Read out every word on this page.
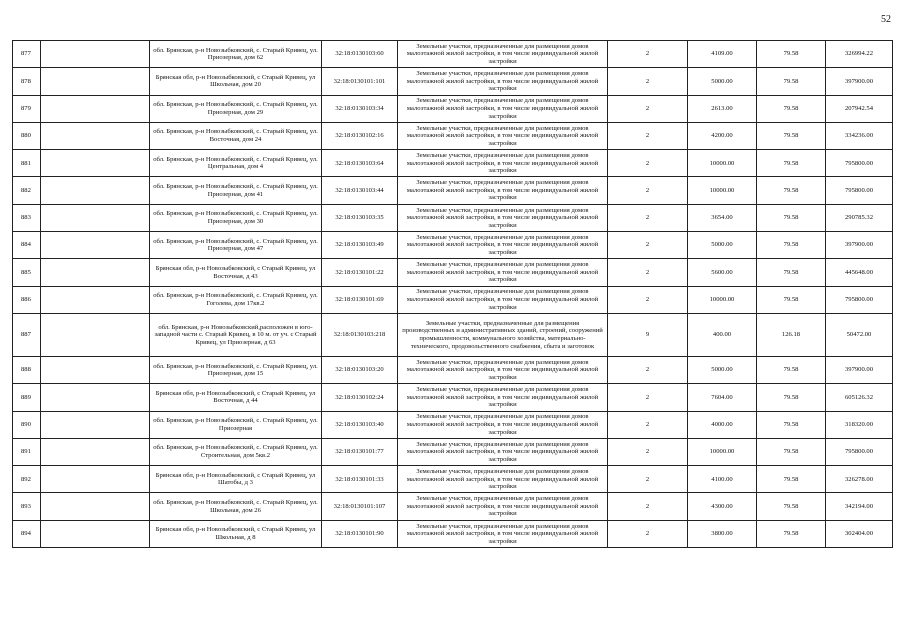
52
877		обл. Брянская, р-н Новозыбковский, с. Старый Кривец, ул. Приозерная, дом 62	32:18:0130103:60	Земельные участки, предназначенные для размещения домов малоэтажной жилой застройки, в том числе индивидуальной жилой застройки	2	4109.00	79.58	326994.22
878		Брянская обл, р-н Новозыбковский, с Старый Кривец, ул Школьная, дом 20	32:18:0130101:101	Земельные участки, предназначенные для размещения домов малоэтажной жилой застройки, в том числе индивидуальной жилой застройки	2	5000.00	79.58	397900.00
879		обл. Брянская, р-н Новозыбковский, с. Старый Кривец, ул. Приозерная, дом 29	32:18:0130103:34	Земельные участки, предназначенные для размещения домов малоэтажной жилой застройки, в том числе индивидуальной жилой застройки	2	2613.00	79.58	207942.54
880		обл. Брянская, р-н Новозыбковский, с. Старый Кривец, ул. Восточная, дом 24	32:18:0130102:16	Земельные участки, предназначенные для размещения домов малоэтажной жилой застройки, в том числе индивидуальной жилой застройки	2	4200.00	79.58	334236.00
881		обл. Брянская, р-н Новозыбковский, с. Старый Кривец, ул. Центральная, дом 4	32:18:0130103:64	Земельные участки, предназначенные для размещения домов малоэтажной жилой застройки, в том числе индивидуальной жилой застройки	2	10000.00	79.58	795800.00
882		обл. Брянская, р-н Новозыбковский, с. Старый Кривец, ул. Приозерная, дом 41	32:18:0130103:44	Земельные участки, предназначенные для размещения домов малоэтажной жилой застройки, в том числе индивидуальной жилой застройки	2	10000.00	79.58	795800.00
883		обл. Брянская, р-н Новозыбковский, с. Старый Кривец, ул. Приозерная, дом 30	32:18:0130103:35	Земельные участки, предназначенные для размещения домов малоэтажной жилой застройки, в том числе индивидуальной жилой застройки	2	3654.00	79.58	290785.32
884		обл. Брянская, р-н Новозыбковский, с. Старый Кривец, ул. Приозерная, дом 47	32:18:0130103:49	Земельные участки, предназначенные для размещения домов малоэтажной жилой застройки, в том числе индивидуальной жилой застройки	2	5000.00	79.58	397900.00
885		Брянская обл, р-н Новозыбковский, с Старый Кривец, ул Восточная, д 43	32:18:0130101:22	Земельные участки, предназначенные для размещения домов малоэтажной жилой застройки, в том числе индивидуальной жилой застройки	2	5600.00	79.58	445648.00
886		обл. Брянская, р-н Новозыбковский, с. Старый Кривец, ул. Гоголева, дом 17кв.2	32:18:0130101:69	Земельные участки, предназначенные для размещения домов малоэтажной жилой застройки, в том числе индивидуальной жилой застройки	2	10000.00	79.58	795800.00
887		обл. Брянская, р-н Новозыбковский,расположен в юго-западной части с. Старый Кривец, в 10 м. от уч. с Старый Кривец, ул Приозерная, д 63	32:18:0130103:218	Земельные участки, предназначенные для размещения производственных и административных зданий, строений, сооружений промышленности, коммунального хозяйства, материально-технического, продовольственного снабжения, сбыта и заготовок	9	400.00	126.18	50472.00
888		обл. Брянская, р-н Новозыбковский, с. Старый Кривец, ул. Приозерная, дом 15	32:18:0130103:20	Земельные участки, предназначенные для размещения домов малоэтажной жилой застройки, в том числе индивидуальной жилой застройки	2	5000.00	79.58	397900.00
889		Брянская обл, р-н Новозыбковский, с Старый Кривец, ул Восточная, д 44	32:18:0130102:24	Земельные участки, предназначенные для размещения домов малоэтажной жилой застройки, в том числе индивидуальной жилой застройки	2	7604.00	79.58	605126.32
890		обл. Брянская, р-н Новозыбковский, с. Старый Кривец, ул. Приозерная	32:18:0130103:40	Земельные участки, предназначенные для размещения домов малоэтажной жилой застройки, в том числе индивидуальной жилой застройки	2	4000.00	79.58	318320.00
891		обл. Брянская, р-н Новозыбковский, с. Старый Кривец, ул. Строительная, дом 5кв.2	32:18:0130101:77	Земельные участки, предназначенные для размещения домов малоэтажной жилой застройки, в том числе индивидуальной жилой застройки	2	10000.00	79.58	795800.00
892		Брянская обл, р-н Новозыбковский, с Старый Кривец, ул Шатобы, д 3	32:18:0130101:33	Земельные участки, предназначенные для размещения домов малоэтажной жилой застройки, в том числе индивидуальной жилой застройки	2	4100.00	79.58	326278.00
893		обл. Брянская, р-н Новозыбковский, с. Старый Кривец, ул. Школьная, дом 26	32:18:0130101:107	Земельные участки, предназначенные для размещения домов малоэтажной жилой застройки, в том числе индивидуальной жилой застройки	2	4300.00	79.58	342194.00
894		Брянская обл, р-н Новозыбковский, с Старый Кривец, ул Школьная, д 8	32:18:0130101:90	Земельные участки, предназначенные для размещения домов малоэтажной жилой застройки, в том числе индивидуальной жилой застройки	2	3800.00	79.58	302404.00
